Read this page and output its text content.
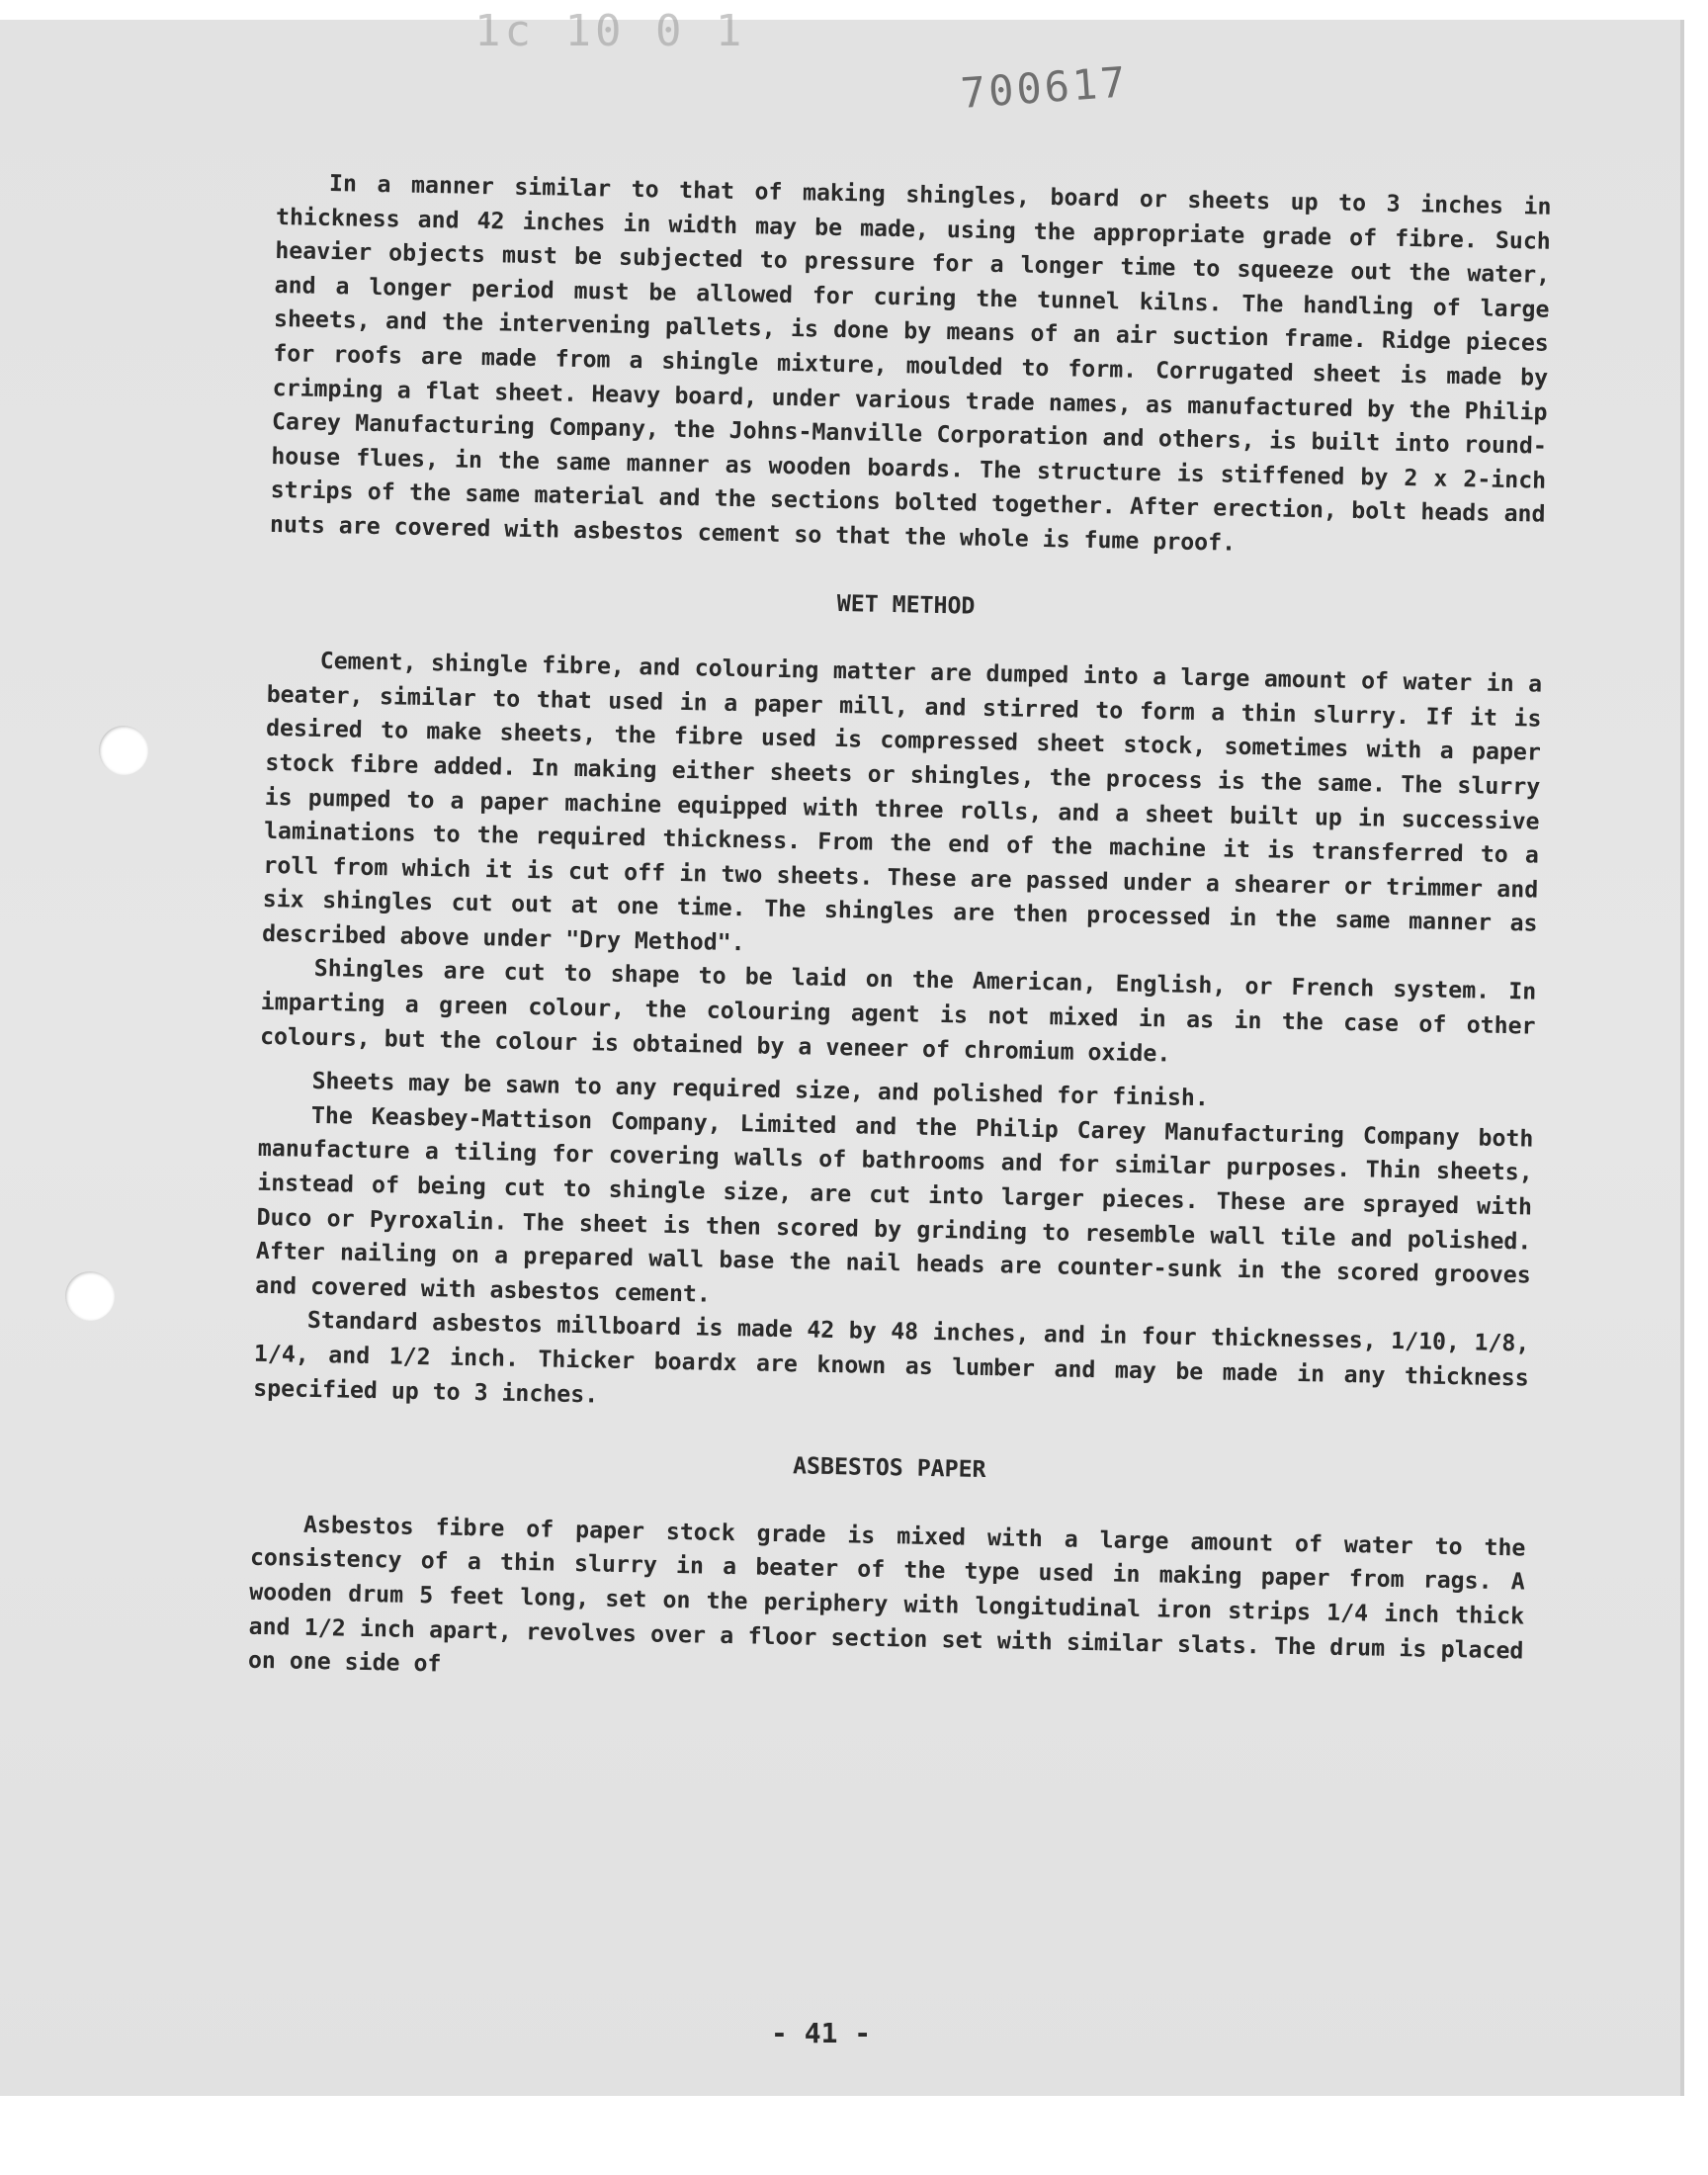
1c 10 0 1
700617

In a manner similar to that of making shingles, board or sheets up to 3 inches in thickness and 42 inches in width may be made, using the appropriate grade of fibre. Such heavier objects must be subjected to pressure for a longer time to squeeze out the water, and a longer period must be allowed for curing the tunnel kilns. The handling of large sheets, and the intervening pallets, is done by means of an air suction frame. Ridge pieces for roofs are made from a shingle mixture, moulded to form. Corrugated sheet is made by crimping a flat sheet. Heavy board, under various trade names, as manufactured by the Philip Carey Manufacturing Company, the Johns-Manville Corporation and others, is built into round-house flues, in the same manner as wooden boards. The structure is stiffened by 2 x 2-inch strips of the same material and the sections bolted together. After erection, bolt heads and nuts are covered with asbestos cement so that the whole is fume proof.

WET METHOD

Cement, shingle fibre, and colouring matter are dumped into a large amount of water in a beater, similar to that used in a paper mill, and stirred to form a thin slurry. If it is desired to make sheets, the fibre used is compressed sheet stock, sometimes with a paper stock fibre added. In making either sheets or shingles, the process is the same. The slurry is pumped to a paper machine equipped with three rolls, and a sheet built up in successive laminations to the required thickness. From the end of the machine it is transferred to a roll from which it is cut off in two sheets. These are passed under a shearer or trimmer and six shingles cut out at one time. The shingles are then processed in the same manner as described above under "Dry Method".

Shingles are cut to shape to be laid on the American, English, or French system. In imparting a green colour, the colouring agent is not mixed in as in the case of other colours, but the colour is obtained by a veneer of chromium oxide.

Sheets may be sawn to any required size, and polished for finish.

The Keasbey-Mattison Company, Limited and the Philip Carey Manufacturing Company both manufacture a tiling for covering walls of bathrooms and for similar purposes. Thin sheets, instead of being cut to shingle size, are cut into larger pieces. These are sprayed with Duco or Pyroxalin. The sheet is then scored by grinding to resemble wall tile and polished. After nailing on a prepared wall base the nail heads are counter-sunk in the scored grooves and covered with asbestos cement.

Standard asbestos millboard is made 42 by 48 inches, and in four thicknesses, 1/10, 1/8, 1/4, and 1/2 inch. Thicker boardx are known as lumber and may be made in any thickness specified up to 3 inches.

ASBESTOS PAPER

Asbestos fibre of paper stock grade is mixed with a large amount of water to the consistency of a thin slurry in a beater of the type used in making paper from rags. A wooden drum 5 feet long, set on the periphery with longitudinal iron strips 1/4 inch thick and 1/2 inch apart, revolves over a floor section set with similar slats. The drum is placed on one side of

- 41 -
